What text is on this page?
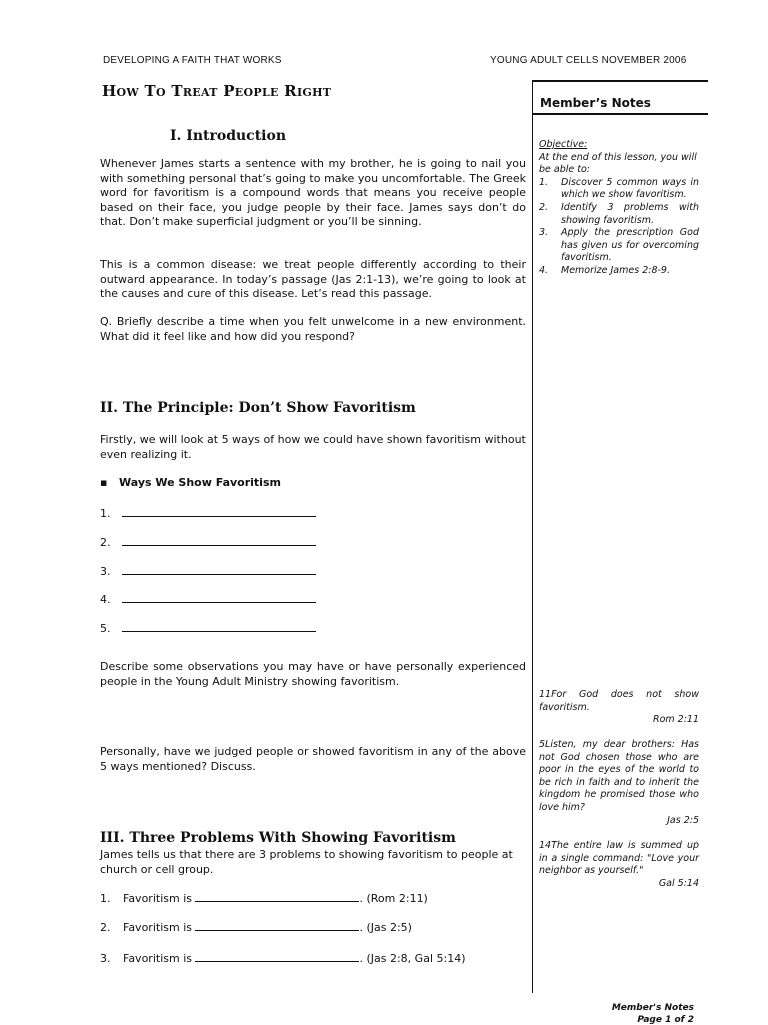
DEVELOPING A FAITH THAT WORKS	YOUNG ADULT CELLS NOVEMBER 2006
How To Treat People Right
I. Introduction
Whenever James starts a sentence with my brother, he is going to nail you with something personal that’s going to make you uncomfortable. The Greek word for favoritism is a compound words that means you receive people based on their face, you judge people by their face. James says don’t do that. Don’t make superficial judgment or you’ll be sinning.
This is a common disease: we treat people differently according to their outward appearance. In today’s passage (Jas 2:1-13), we’re going to look at the causes and cure of this disease. Let’s read this passage.
Q. Briefly describe a time when you felt unwelcome in a new environment. What did it feel like and how did you respond?
II. The Principle: Don’t Show Favoritism
Firstly, we will look at 5 ways of how we could have shown favoritism without even realizing it.
▪ Ways We Show Favoritism
1.
2.
3.
4.
5.
Describe some observations you may have or have personally experienced people in the Young Adult Ministry showing favoritism.
Personally, have we judged people or showed favoritism in any of the above 5 ways mentioned? Discuss.
III. Three Problems With Showing Favoritism
James tells us that there are 3 problems to showing favoritism to people at church or cell group.
1. Favoritism is	. (Rom 2:11)
2. Favoritism is	. (Jas 2:5)
3. Favoritism is	. (Jas 2:8, Gal 5:14)
Member’s Notes
Objective:
At the end of this lesson, you will be able to:
1.	Discover 5 common ways in which we show favoritism.
2.	Identify 3 problems with showing favoritism.
3.	Apply the prescription God has given us for overcoming favoritism.
4.	Memorize James 2:8-9.
11For God does not show favoritism.
Rom 2:11
5Listen, my dear brothers: Has not God chosen those who are poor in the eyes of the world to be rich in faith and to inherit the kingdom he promised those who love him?
Jas 2:5
14The entire law is summed up in a single command: "Love your neighbor as yourself."
Gal 5:14
Member's Notes
Page 1 of 2
